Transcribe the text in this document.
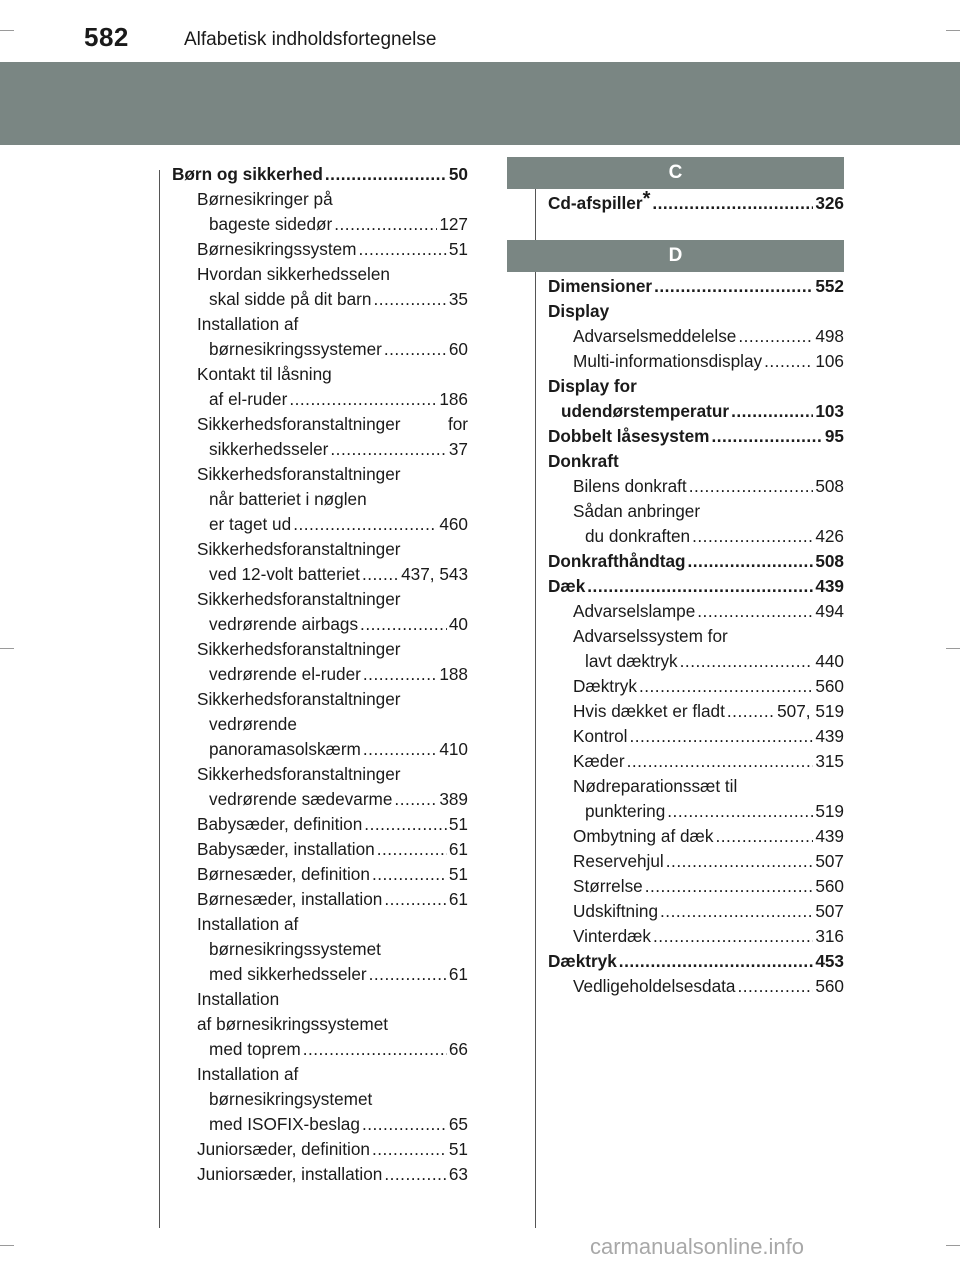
582	Alfabetisk indholdsfortegnelse
Børn og sikkerhed .....	50
Børnesikringer på
bageste sidedør .....	127
Børnesikringssystem .....	51
Hvordan sikkerhedsselen
skal sidde på dit barn .....	35
Installation af
børnesikringssystemer .....	60
Kontakt til låsning
af el-ruder .....	186
Sikkerhedsforanstaltninger	for
sikkerhedsseler .....	37
Sikkerhedsforanstaltninger
når batteriet i nøglen
er taget ud .....	460
Sikkerhedsforanstaltninger
ved 12-volt batteriet ..... 437, 543
Sikkerhedsforanstaltninger
vedrørende airbags .....	40
Sikkerhedsforanstaltninger
vedrørende el-ruder .....	188
Sikkerhedsforanstaltninger
vedrørende
panoramasolskærm .....	410
Sikkerhedsforanstaltninger
vedrørende sædevarme .....	389
Babysæder, definition .....	51
Babysæder, installation .....	61
Børnesæder, definition .....	51
Børnesæder, installation .....	61
Installation af
børnesikringssystemet
med sikkerhedsseler .....	61
Installation
af børnesikringssystemet
med toprem .....	66
Installation af
børnesikringsystemet
med ISOFIX-beslag .....	65
Juniorsæder, definition .....	51
Juniorsæder, installation .....	63
C
Cd-afspiller* .....	326
D
Dimensioner .....	552
Display
Advarselsmeddelelse .....	498
Multi-informationsdisplay .....	106
Display for
udendørstemperatur .....	103
Dobbelt låsesystem .....	95
Donkraft
Bilens donkraft .....	508
Sådan anbringer
du donkraften .....	426
Donkrafthåndtag .....	508
Dæk .....	439
Advarselslampe .....	494
Advarselssystem for
lavt dæktryk .....	440
Dæktryk .....	560
Hvis dækket er fladt .....	507, 519
Kontrol .....	439
Kæder .....	315
Nødreparationssæt til
punktering .....	519
Ombytning af dæk .....	439
Reservehjul .....	507
Størrelse .....	560
Udskiftning .....	507
Vinterdæk .....	316
Dæktryk .....	453
Vedligeholdelsesdata .....	560
carmanualsonline.info
